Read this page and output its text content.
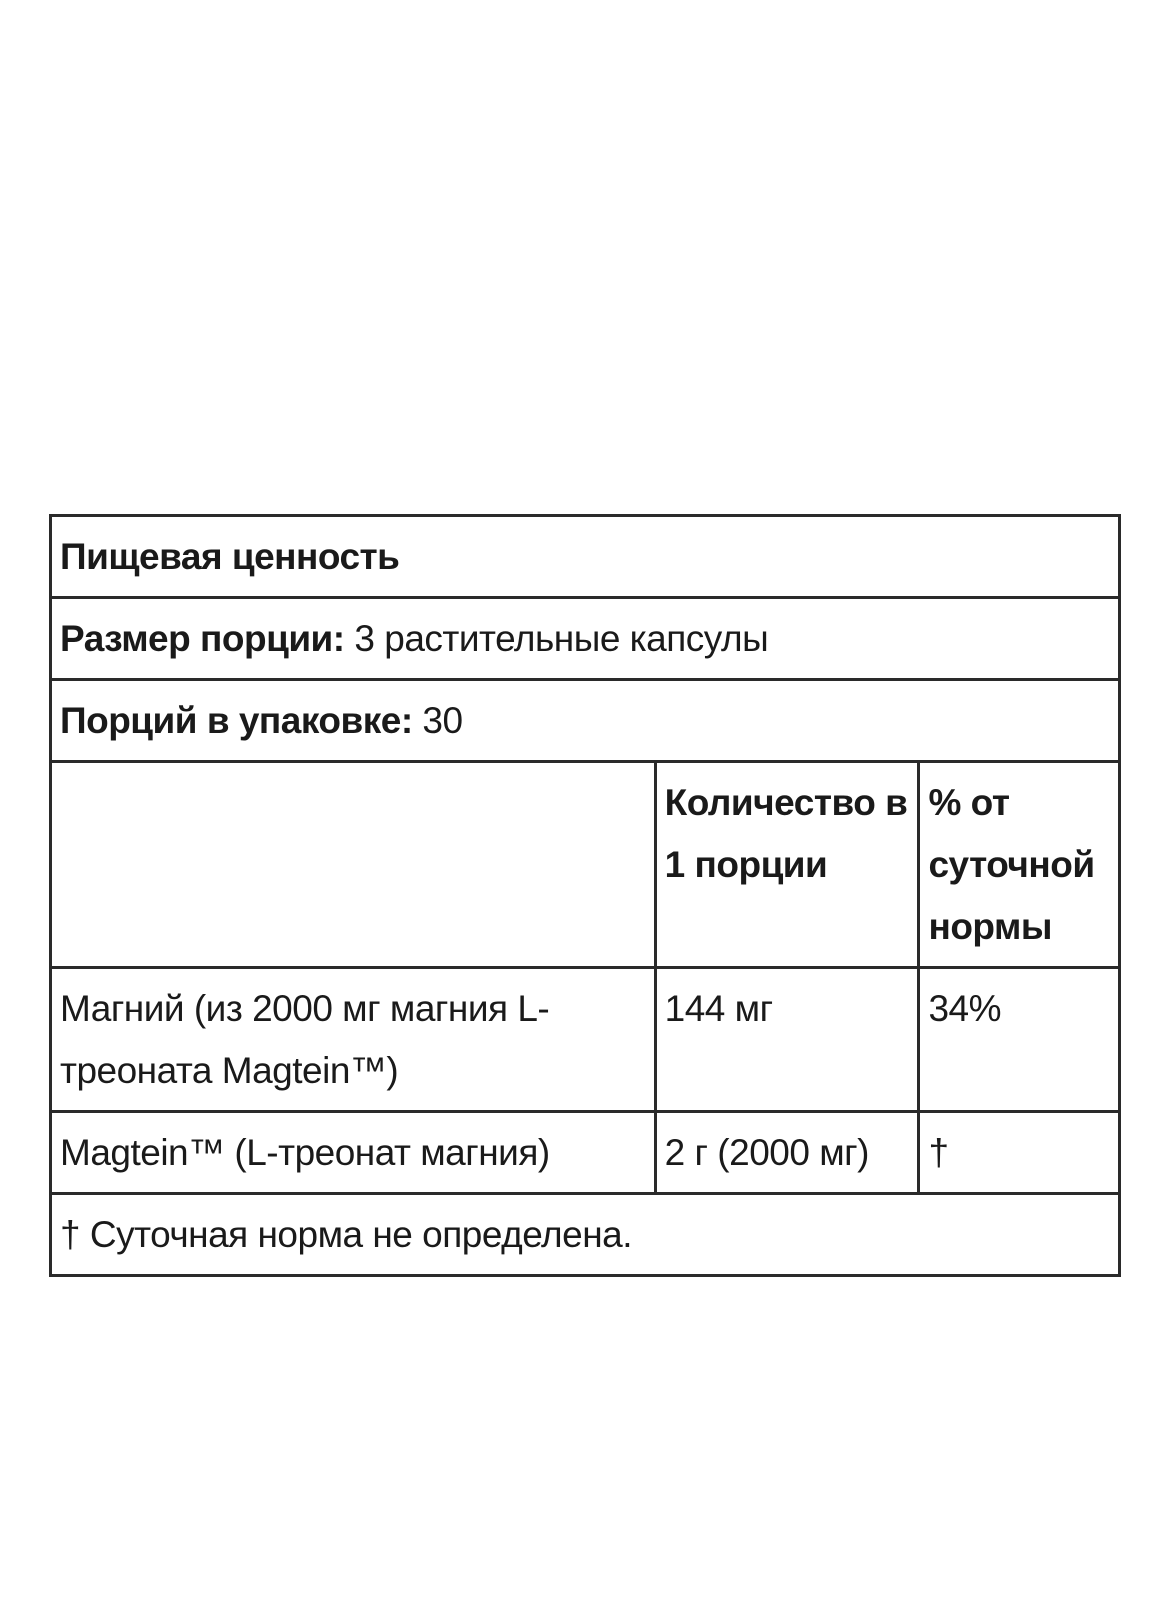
Пищевая ценность		
Размер порции: 3 растительные капсулы		
Порций в упаковке: 30		
	Количество в 1 порции	% от суточной нормы
Магний (из 2000 мг магния L-треоната Magtein™)	144 мг	34%
Magtein™ (L-треонат магния)	2 г (2000 мг)	†
† Суточная норма не определена.		
